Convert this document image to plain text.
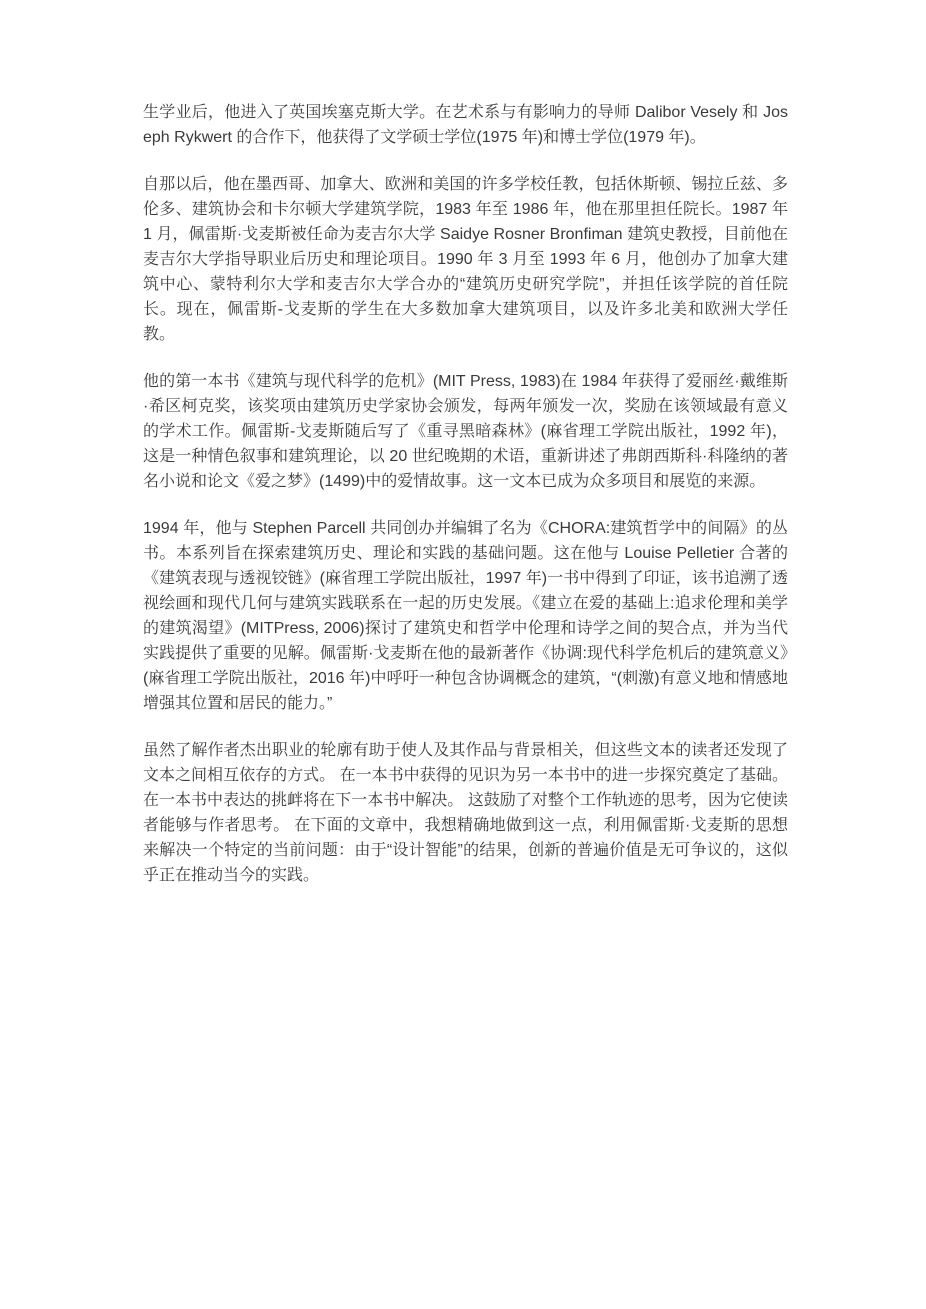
生学业后，他进入了英国埃塞克斯大学。在艺术系与有影响力的导师 Dalibor Vesely 和 Joseph Rykwert 的合作下，他获得了文学硕士学位(1975 年)和博士学位(1979 年)。

自那以后，他在墨西哥、加拿大、欧洲和美国的许多学校任教，包括休斯顿、锡拉丘兹、多伦多、建筑协会和卡尔顿大学建筑学院，1983 年至 1986 年，他在那里担任院长。1987 年 1 月，佩雷斯·戈麦斯被任命为麦吉尔大学 Saidye Rosner Bronfiman 建筑史教授，目前他在麦吉尔大学指导职业后历史和理论项目。1990 年 3 月至 1993 年 6 月，他创办了加拿大建筑中心、蒙特利尔大学和麦吉尔大学合办的“建筑历史研究学院”，并担任该学院的首任院长。现在，佩雷斯-戈麦斯的学生在大多数加拿大建筑项目，以及许多北美和欧洲大学任教。

他的第一本书《建筑与现代科学的危机》(MIT Press, 1983)在 1984 年获得了爱丽丝·戴维斯·希区柯克奖，该奖项由建筑历史学家协会颁发，每两年颁发一次，奖励在该领域最有意义的学术工作。佩雷斯-戈麦斯随后写了《重寻黑暗森林》(麻省理工学院出版社，1992 年)，这是一种情色叙事和建筑理论，以 20 世纪晚期的术语，重新讲述了弗朗西斯科·科隆纳的著名小说和论文《爱之梦》(1499)中的爱情故事。这一文本已成为众多项目和展览的来源。

1994 年，他与 Stephen Parcell 共同创办并编辑了名为《CHORA:建筑哲学中的间隔》的丛书。本系列旨在探索建筑历史、理论和实践的基础问题。这在他与 Louise Pelletier 合著的《建筑表现与透视铰链》(麻省理工学院出版社，1997 年)一书中得到了印证，该书追溯了透视绘画和现代几何与建筑实践联系在一起的历史发展。《建立在爱的基础上:追求伦理和美学的建筑渴望》(MITPress, 2006)探讨了建筑史和哲学中伦理和诗学之间的契合点，并为当代实践提供了重要的见解。佩雷斯·戈麦斯在他的最新著作《协调:现代科学危机后的建筑意义》(麻省理工学院出版社，2016 年)中呼吁一种包含协调概念的建筑，“(刺激)有意义地和情感地增强其位置和居民的能力。”

虽然了解作者杰出职业的轮廓有助于使人及其作品与背景相关，但这些文本的读者还发现了文本之间相互依存的方式。 在一本书中获得的见识为另一本书中的进一步探究奠定了基础。在一本书中表达的挑衅将在下一本书中解决。 这鼓励了对整个工作轨迹的思考，因为它使读者能够与作者思考。 在下面的文章中，我想精确地做到这一点，利用佩雷斯·戈麦斯的思想来解决一个特定的当前问题：由于“设计智能”的结果，创新的普遍价值是无可争议的，这似乎正在推动当今的实践。
